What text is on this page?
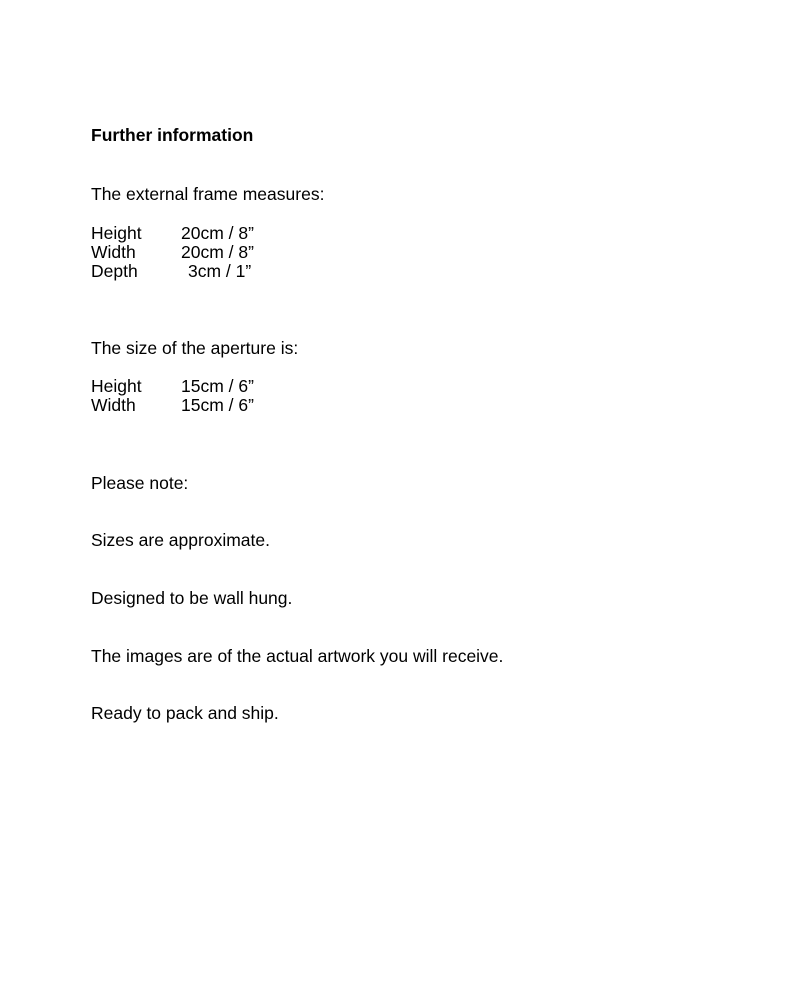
Further information
The external frame measures:
Height 20cm / 8”
Width	20cm / 8”
Depth	3cm / 1”
The size of the aperture is:
Height 15cm / 6”
Width	15cm / 6”
Please note:
Sizes are approximate.
Designed to be wall hung.
The images are of the actual artwork you will receive.
Ready to pack and ship.
